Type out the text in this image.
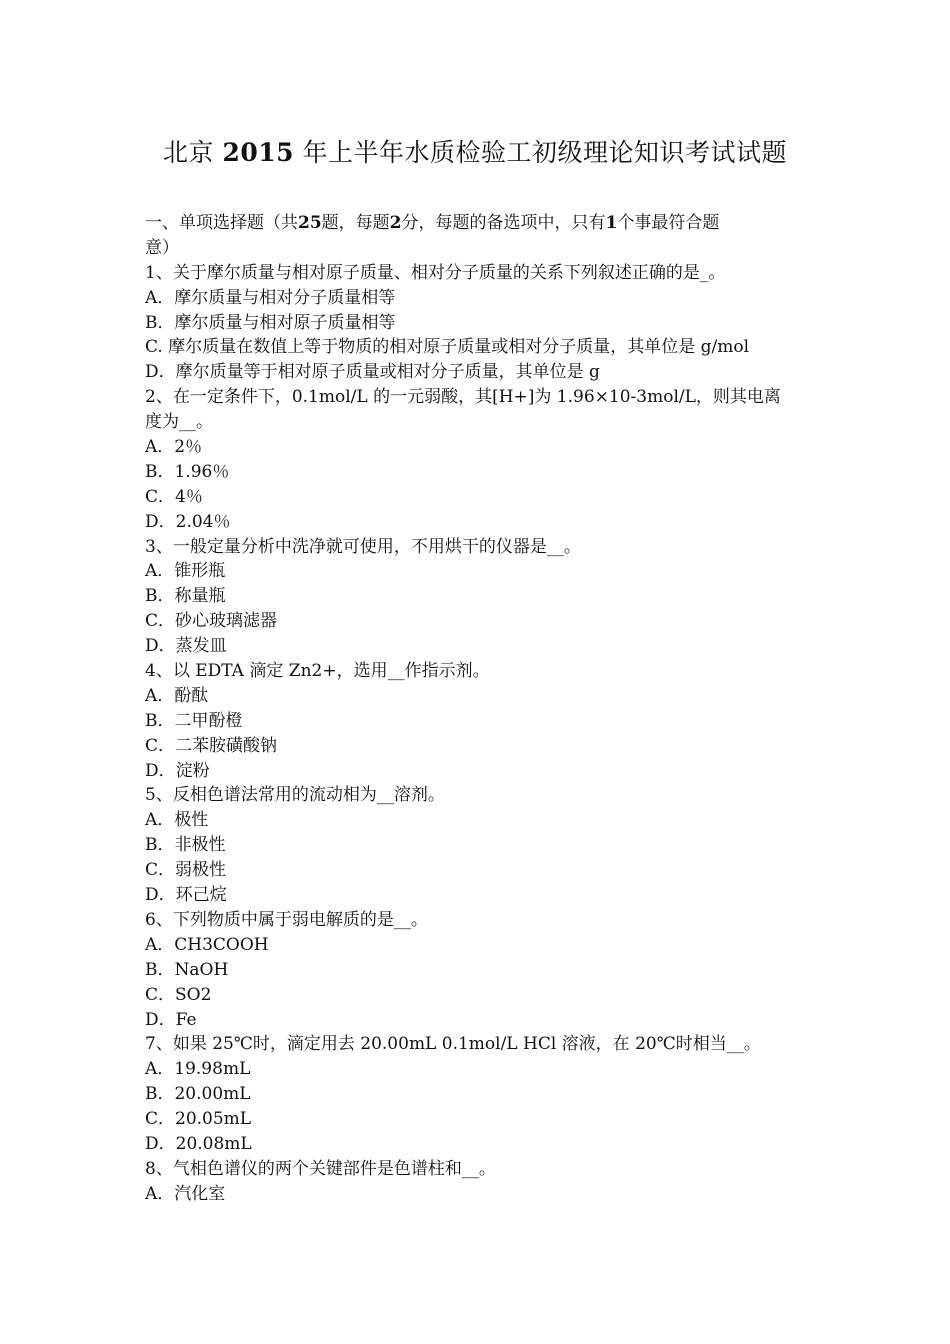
北京 2015 年上半年水质检验工初级理论知识考试试题
一、单项选择题（共25题，每题2分，每题的备选项中，只有1个事最符合题
意）
1、关于摩尔质量与相对原子质量、相对分子质量的关系下列叙述正确的是_。
A．摩尔质量与相对分子质量相等
B．摩尔质量与相对原子质量相等
C. 摩尔质量在数值上等于物质的相对原子质量或相对分子质量，其单位是 g/mol
D．摩尔质量等于相对原子质量或相对分子质量，其单位是 g
2、在一定条件下，0.1mol/L 的一元弱酸，其[H+]为 1.96×10-3mol/L，则其电离
度为__。
A．2％
B．1.96％
C．4％
D．2.04％
3、一般定量分析中洗净就可使用，不用烘干的仪器是__。
A．锥形瓶
B．称量瓶
C．砂心玻璃滤器
D．蒸发皿
4、以 EDTA 滴定 Zn2+，选用__作指示剂。
A．酚酞
B．二甲酚橙
C．二苯胺磺酸钠
D．淀粉
5、反相色谱法常用的流动相为__溶剂。
A．极性
B．非极性
C．弱极性
D．环己烷
6、下列物质中属于弱电解质的是__。
A．CH3COOH
B．NaOH
C．SO2
D．Fe
7、如果 25℃时，滴定用去 20.00mL 0.1mol/L HCl 溶液，在 20℃时相当__。
A．19.98mL
B．20.00mL
C．20.05mL
D．20.08mL
8、气相色谱仪的两个关键部件是色谱柱和__。
A．汽化室
